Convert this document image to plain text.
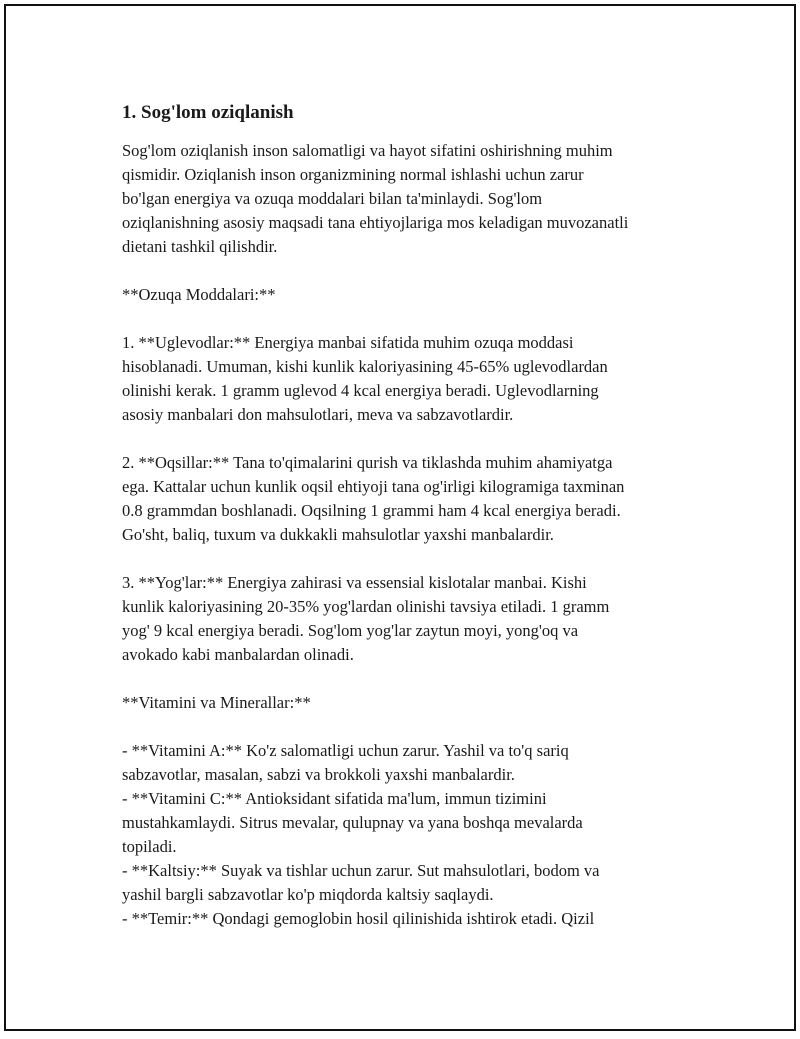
1. Sog'lom oziqlanish

Sog'lom oziqlanish inson salomatligi va hayot sifatini oshirishning muhim
qismidir. Oziqlanish inson organizmining normal ishlashi uchun zarur
bo'lgan energiya va ozuqa moddalari bilan ta'minlaydi. Sog'lom
oziqlanishning asosiy maqsadi tana ehtiyojlariga mos keladigan muvozanatli
dietani tashkil qilishdir.

**Ozuqa Moddalari:**

1. **Uglevodlar:** Energiya manbai sifatida muhim ozuqa moddasi
hisoblanadi. Umuman, kishi kunlik kaloriyasining 45-65% uglevodlardan
olinishi kerak. 1 gramm uglevod 4 kcal energiya beradi. Uglevodlarning
asosiy manbalari don mahsulotlari, meva va sabzavotlardir.

2. **Oqsillar:** Tana to'qimalarini qurish va tiklashda muhim ahamiyatga
ega. Kattalar uchun kunlik oqsil ehtiyoji tana og'irligi kilogramiga taxminan
0.8 grammdan boshlanadi. Oqsilning 1 grammi ham 4 kcal energiya beradi.
Go'sht, baliq, tuxum va dukkakli mahsulotlar yaxshi manbalardir.

3. **Yog'lar:** Energiya zahirasi va essensial kislotalar manbai. Kishi
kunlik kaloriyasining 20-35% yog'lardan olinishi tavsiya etiladi. 1 gramm
yog' 9 kcal energiya beradi. Sog'lom yog'lar zaytun moyi, yong'oq va
avokado kabi manbalardan olinadi.

**Vitamini va Minerallar:**

- **Vitamini A:** Ko'z salomatligi uchun zarur. Yashil va to'q sariq
sabzavotlar, masalan, sabzi va brokkoli yaxshi manbalardir.
- **Vitamini C:** Antioksidant sifatida ma'lum, immun tizimini
mustahkamlaydi. Sitrus mevalar, qulupnay va yana boshqa mevalarda
topiladi.
- **Kaltsiy:** Suyak va tishlar uchun zarur. Sut mahsulotlari, bodom va
yashil bargli sabzavotlar ko'p miqdorda kaltsiy saqlaydi.
- **Temir:** Qondagi gemoglobin hosil qilinishida ishtirok etadi. Qizil
